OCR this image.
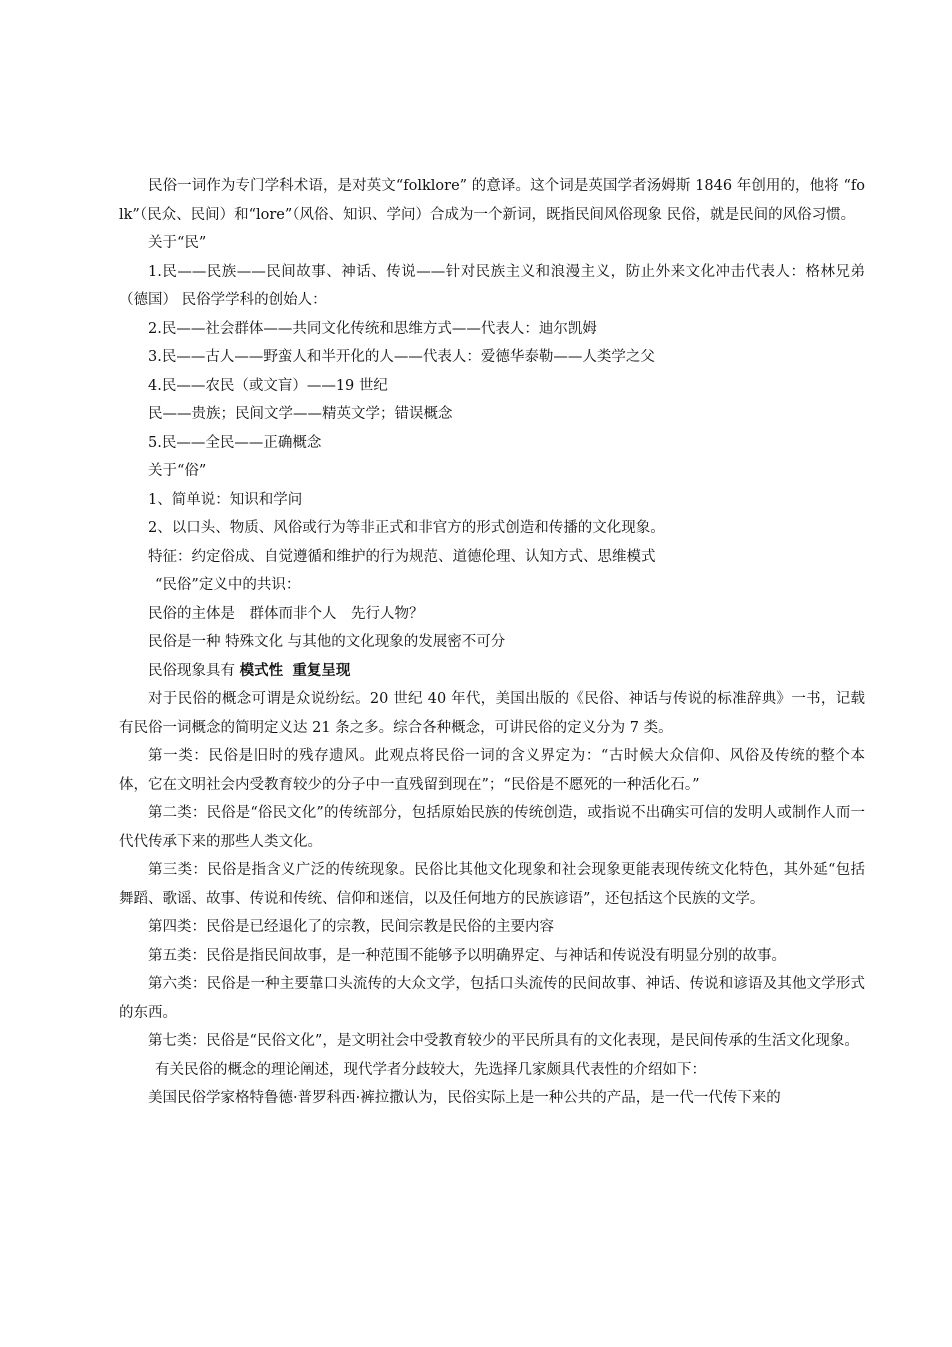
民俗一词作为专门学科术语，是对英文“folklore” 的意译。这个词是英国学者汤姆斯 1846 年创用的，他将 “folk”（民众、民间）和“lore”（风俗、知识、学问）合成为一个新词，既指民间风俗现象 民俗，就是民间的风俗习惯。

关于“民”

1.民——民族——民间故事、神话、传说——针对民族主义和浪漫主义，防止外来文化冲击代表人：格林兄弟（德国） 民俗学学科的创始人：

2.民——社会群体——共同文化传统和思维方式——代表人：迪尔凯姆

3.民——古人——野蛮人和半开化的人——代表人：爱德华泰勒——人类学之父

4.民——农民（或文盲）——19 世纪

民——贵族；民间文学——精英文学；错误概念

5.民——全民——正确概念

关于“俗”

1、简单说：知识和学问

2、以口头、物质、风俗或行为等非正式和非官方的形式创造和传播的文化现象。

特征：约定俗成、自觉遵循和维护的行为规范、道德伦理、认知方式、思维模式

“民俗”定义中的共识：

民俗的主体是　群体而非个人　先行人物？

民俗是一种 特殊文化 与其他的文化现象的发展密不可分

民俗现象具有 模式性 重复呈现

对于民俗的概念可谓是众说纷纭。20 世纪 40 年代，美国出版的《民俗、神话与传说的标准辞典》一书，记载有民俗一词概念的简明定义达 21 条之多。综合各种概念，可讲民俗的定义分为 7 类。

第一类：民俗是旧时的残存遗风。此观点将民俗一词的含义界定为：“古时候大众信仰、风俗及传统的整个本体，它在文明社会内受教育较少的分子中一直残留到现在”；“民俗是不愿死的一种活化石。”

第二类：民俗是“俗民文化”的传统部分，包括原始民族的传统创造，或指说不出确实可信的发明人或制作人而一代代传承下来的那些人类文化。

第三类：民俗是指含义广泛的传统现象。民俗比其他文化现象和社会现象更能表现传统文化特色，其外延“包括舞蹈、歌谣、故事、传说和传统、信仰和迷信，以及任何地方的民族谚语”，还包括这个民族的文学。

第四类：民俗是已经退化了的宗教，民间宗教是民俗的主要内容

第五类：民俗是指民间故事，是一种范围不能够予以明确界定、与神话和传说没有明显分别的故事。

第六类：民俗是一种主要靠口头流传的大众文学，包括口头流传的民间故事、神话、传说和谚语及其他文学形式的东西。

第七类：民俗是“民俗文化”，是文明社会中受教育较少的平民所具有的文化表现，是民间传承的生活文化现象。

有关民俗的概念的理论阐述，现代学者分歧较大，先选择几家颇具代表性的介绍如下：

美国民俗学家格特鲁德·普罗科西·裤拉撒认为，民俗实际上是一种公共的产品，是一代一代传下来的
